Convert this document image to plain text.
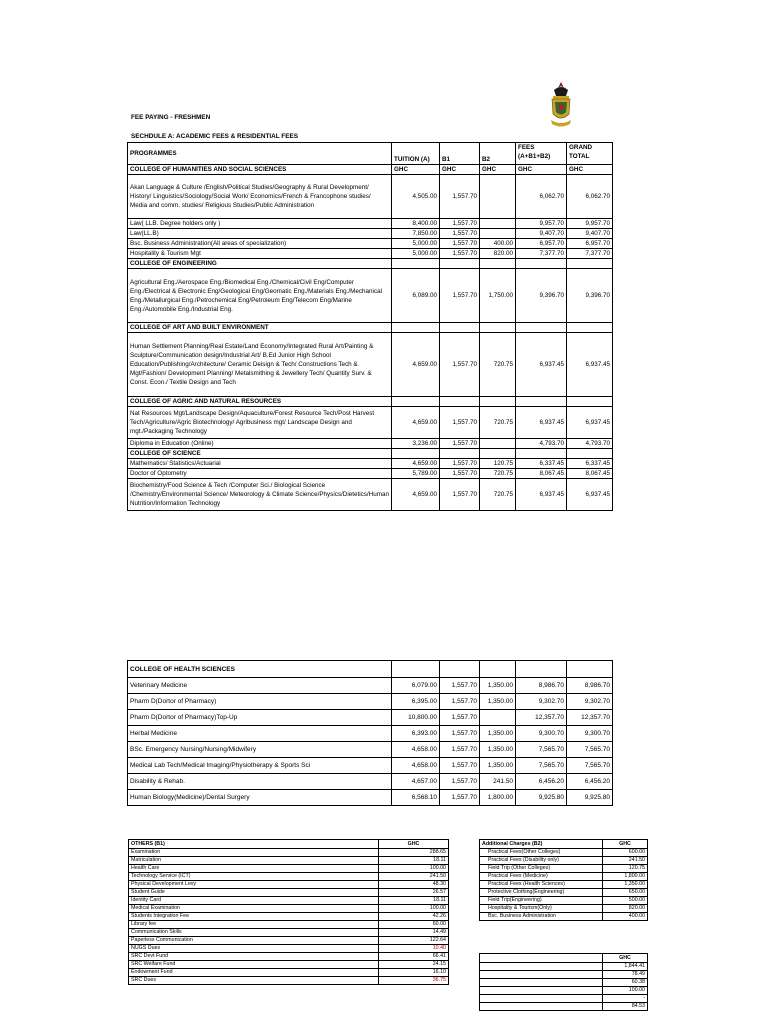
FEE PAYING - FRESHMEN
SECHDULE A: ACADEMIC FEES & RESIDENTIAL FEES
PROGRAMMES	TUITION (A)	B1	B2	FEES (A+B1+B2)	GRAND TOTAL
COLLEGE OF HUMANITIES AND SOCIAL SCIENCES	GHC	GHC	GHC	GHC	GHC
Akan Language & Culture /English/Political Studies/Geography & Rural Development/ History/ Linguistics/Sociology/Social Work/ Economics/French & Francophone studies/ Media and comm. studies/ Religious Studies/Public Administration	4,505.00	1,557.70		6,062.70	6,062.70
Law( LLB. Degree holders only )	8,400.00	1,557.70		9,957.70	9,957.70
Law(LL.B)	7,850.00	1,557.70		9,407.70	9,407.70
Bsc. Business Administration(All areas of specialization)	5,000.00	1,557.70	400.00	6,957.70	6,957.70
Hospitality & Tourism Mgt	5,000.00	1,557.70	820.00	7,377.70	7,377.70
COLLEGE OF ENGINEERING					
Agricultural Eng./Aerospace Eng./Biomedical Eng./Chemical/Civil Eng/Computer Eng./Electrical & Electronic Eng/Geological Eng/Geomatic Eng./Materials Eng./Mechanical Eng./Metallurgical Eng./Petrochemical Eng/Petroleum Eng/Telecom Eng/Marine Eng./Automobile Eng./Industrial Eng.	6,089.00	1,557.70	1,750.00	9,396.70	9,396.70
COLLEGE OF ART AND BUILT ENVIRONMENT					
Human Settlement Planning/Real Estate/Land Economy/Integrated Rural Art/Painting & Sculpture/Communication design/Industrial Art/ B.Ed Junior High School Education/Publishing/Architecture/ Ceramic Deisign & Tech/ Constructions Tech & Mgt/Fashion/ Development Planning/ Metalsmithing & Jewellery Tech/ Quantity Surv. & Const. Econ./ Textile Design and Tech	4,659.00	1,557.70	720.75	6,937.45	6,937.45
COLLEGE OF AGRIC AND NATURAL RESOURCES					
Nat Resources Mgt/Landscape Design/Aquaculture/Forest Resource Tech/Post Harvest Tech/Agriculture/Agric Biotechnology/ Agribusiness mgt/ Landscape Design and mgt./Packaging Technology	4,659.00	1,557.70	720.75	6,937.45	6,937.45
Diploma in Education (Online)	3,236.00	1,557.70		4,793.70	4,793.70
COLLEGE OF SCIENCE					
Mathematics/ Statistics/Actuarial	4,659.00	1,557.70	120.75	6,337.45	6,337.45
Doctor of Optometry	5,789.00	1,557.70	720.75	8,067.45	8,067.45
Biochemistry/Food Science & Tech /Computer Sci./ Biological Science /Chemistry/Environmental Science/ Meteorology & Climate Science/Physics/Dietetics/Human Nutrition/Information Technology	4,659.00	1,557.70	720.75	6,937.45	6,937.45
COLLEGE OF HEALTH SCIENCES					
Veterinary Medicine	6,079.00	1,557.70	1,350.00	8,986.70	8,986.70
Pharm D(Dortor of Pharmacy)	6,395.00	1,557.70	1,350.00	9,302.70	9,302.70
Pharm D(Dortor of Pharmacy)Top-Up	10,800.00	1,557.70		12,357.70	12,357.70
Herbal Medicine	6,393.00	1,557.70	1,350.00	9,300.70	9,300.70
BSc. Emergency Nursing/Nursing/Midwifery	4,658.00	1,557.70	1,350.00	7,565.70	7,565.70
Medical Lab Tech/Medical Imaging/Physiotherapy & Sports Sci	4,658.00	1,557.70	1,350.00	7,565.70	7,565.70
Disability & Rehab.	4,657.00	1,557.70	241.50	6,456.20	6,456.20
Human Biology(Medicine)/Dental Surgery	6,568.10	1,557.70	1,800.00	9,925.80	9,925.80
OTHERS (B1)	GHC
Examination	288.65
Matriculation	18.11
Health Care	100.00
Technology Service (ICT)	241.50
Physical Development Levy	48.30
Student Guide	26.57
Identity Card	18.11
Medical Examination	100.00
Students Integration Fee	42.26
Library fee	60.00
Communication Skills	14.49
Paperless Communication	122.64
NUGS Dues	10.40
SRC Devt Fund	66.41
SRC Welfare Fund	24.15
Endowment Fund	16.10
SRC Dues	36.75
Additional Charges (B2)	GHC
Practical Fees(Other Colleges)	600.00
Practical Fees (Disability only)	241.50
Field Trip (Other Colleges)	120.75
Practical Fees (Medicine)	1,800.00
Practical Fees (Health Sciences)	1,350.00
Protective Clothing(Engineering)	650.00
Field Trip(Engineering)	500.00
Hospitality & Tourism(Only)	820.00
Bsc. Business Administration	400.00
	GHC
	1,844.41
	78.49
	60.38
	100.00
	-
	84.53
